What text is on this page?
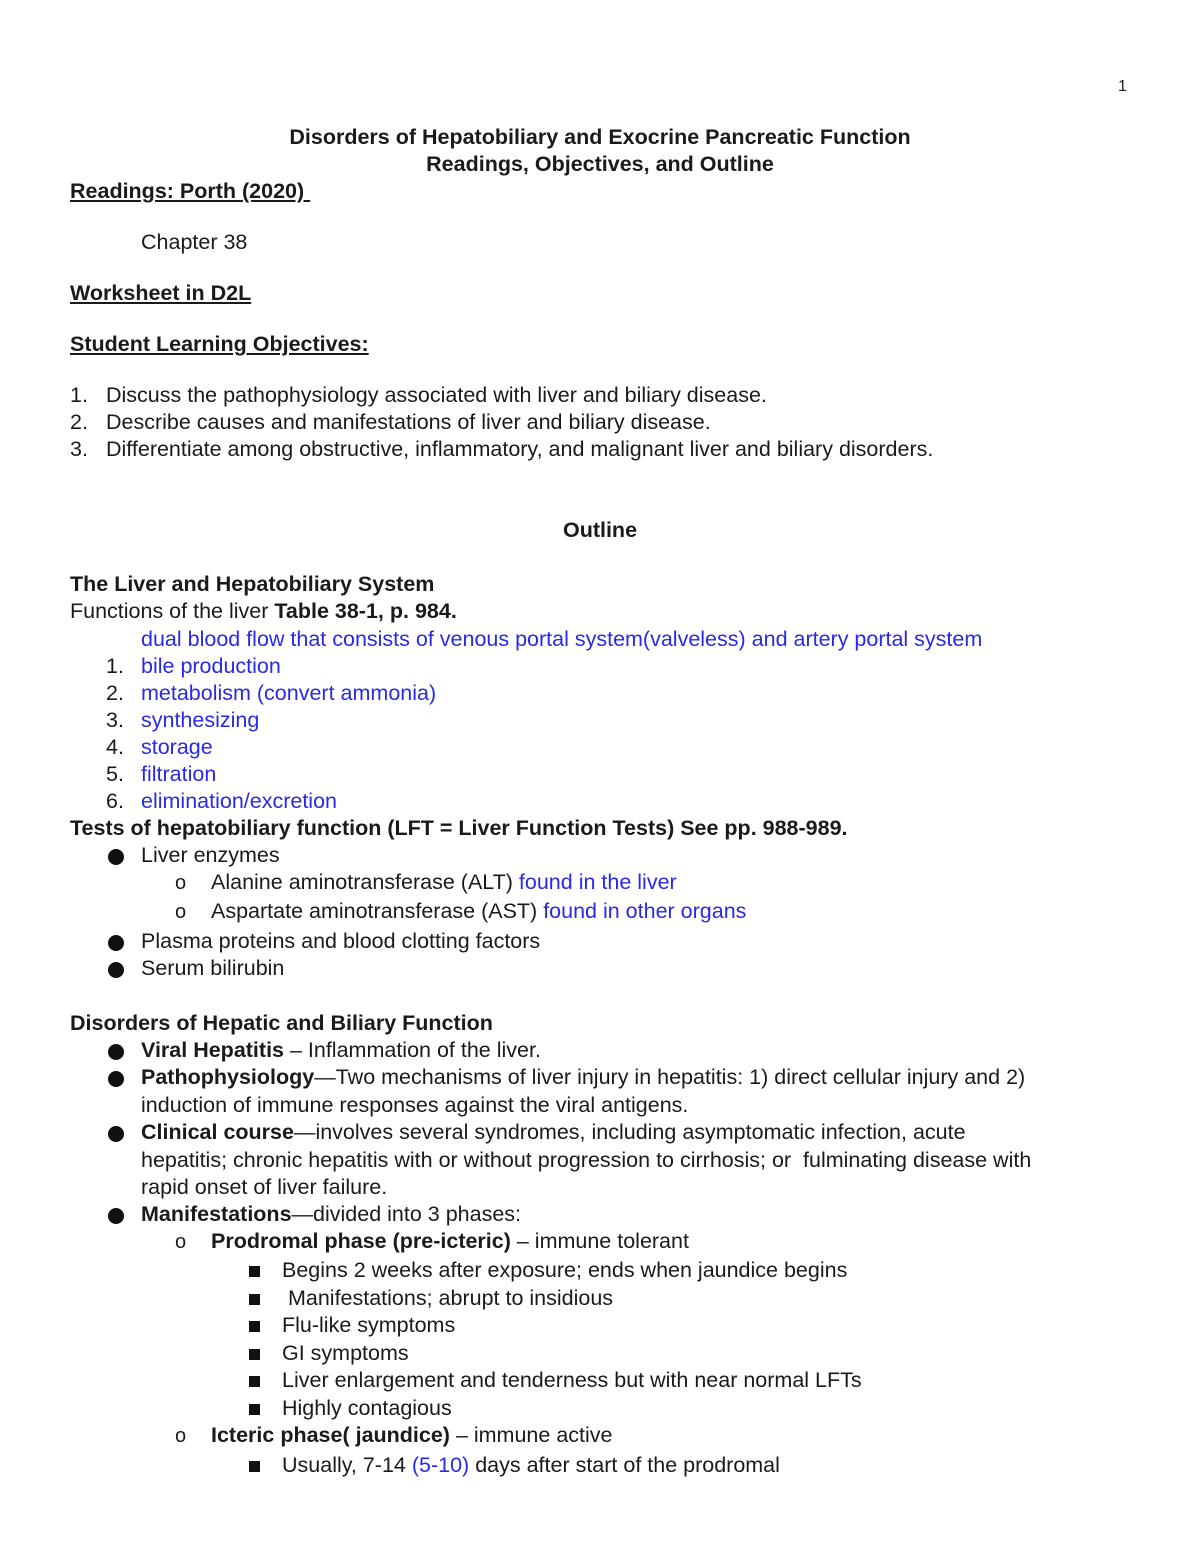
1
Disorders of Hepatobiliary and Exocrine Pancreatic Function
Readings, Objectives, and Outline
Readings: Porth (2020)
Chapter 38
Worksheet in D2L
Student Learning Objectives:
1. Discuss the pathophysiology associated with liver and biliary disease.
2. Describe causes and manifestations of liver and biliary disease.
3. Differentiate among obstructive, inflammatory, and malignant liver and biliary disorders.
Outline
The Liver and Hepatobiliary System
Functions of the liver Table 38-1, p. 984.
dual blood flow that consists of venous portal system(valveless) and artery portal system
1. bile production
2. metabolism (convert ammonia)
3. synthesizing
4. storage
5. filtration
6. elimination/excretion
Tests of hepatobiliary function (LFT = Liver Function Tests) See pp. 988-989.
Liver enzymes
o Alanine aminotransferase (ALT) found in the liver
o Aspartate aminotransferase (AST) found in other organs
Plasma proteins and blood clotting factors
Serum bilirubin
Disorders of Hepatic and Biliary Function
Viral Hepatitis – Inflammation of the liver.
Pathophysiology—Two mechanisms of liver injury in hepatitis: 1) direct cellular injury and 2)
induction of immune responses against the viral antigens.
Clinical course—involves several syndromes, including asymptomatic infection, acute
hepatitis; chronic hepatitis with or without progression to cirrhosis; or  fulminating disease with
rapid onset of liver failure.
Manifestations—divided into 3 phases:
o Prodromal phase (pre-icteric) – immune tolerant
Begins 2 weeks after exposure; ends when jaundice begins
Manifestations; abrupt to insidious
Flu-like symptoms
GI symptoms
Liver enlargement and tenderness but with near normal LFTs
Highly contagious
o Icteric phase( jaundice) – immune active
Usually, 7-14 (5-10) days after start of the prodromal
